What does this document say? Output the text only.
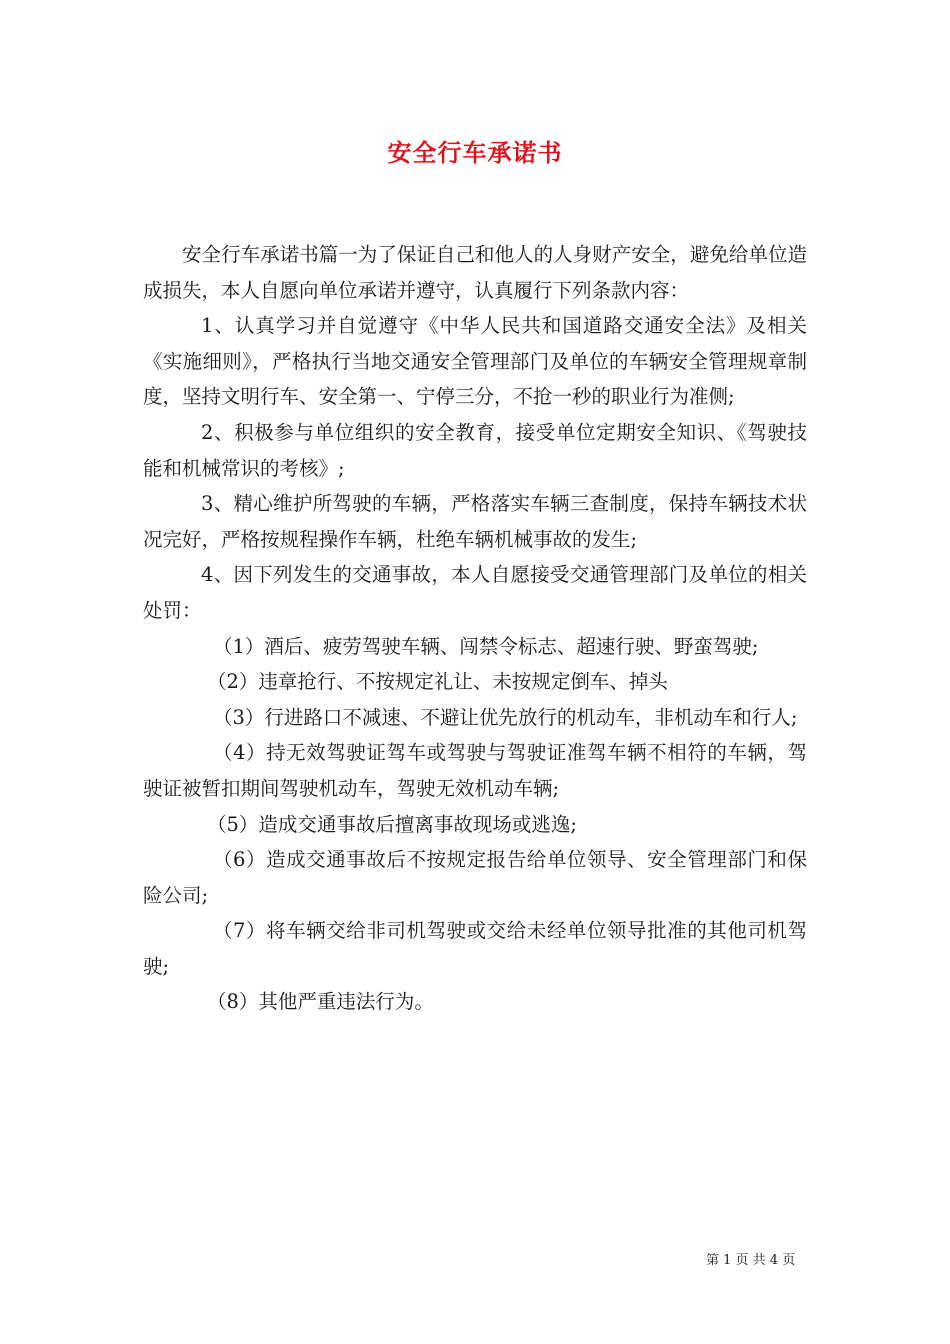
安全行车承诺书

安全行车承诺书篇一为了保证自己和他人的人身财产安全，避免给单位造成损失，本人自愿向单位承诺并遵守，认真履行下列条款内容：

1、认真学习并自觉遵守《中华人民共和国道路交通安全法》及相关《实施细则》，严格执行当地交通安全管理部门及单位的车辆安全管理规章制度，坚持文明行车、安全第一、宁停三分，不抢一秒的职业行为准侧;

2、积极参与单位组织的安全教育，接受单位定期安全知识、《驾驶技能和机械常识的考核》;

3、精心维护所驾驶的车辆，严格落实车辆三查制度，保持车辆技术状况完好，严格按规程操作车辆，杜绝车辆机械事故的发生;

4、因下列发生的交通事故，本人自愿接受交通管理部门及单位的相关处罚：

（1）酒后、疲劳驾驶车辆、闯禁令标志、超速行驶、野蛮驾驶;

（2）违章抢行、不按规定礼让、未按规定倒车、掉头

（3）行进路口不减速、不避让优先放行的机动车，非机动车和行人;

（4）持无效驾驶证驾车或驾驶与驾驶证准驾车辆不相符的车辆，驾驶证被暂扣期间驾驶机动车，驾驶无效机动车辆;

（5）造成交通事故后擅离事故现场或逃逸;

（6）造成交通事故后不按规定报告给单位领导、安全管理部门和保险公司;

（7）将车辆交给非司机驾驶或交给未经单位领导批准的其他司机驾驶;

（8）其他严重违法行为。

第 1 页 共 4 页
